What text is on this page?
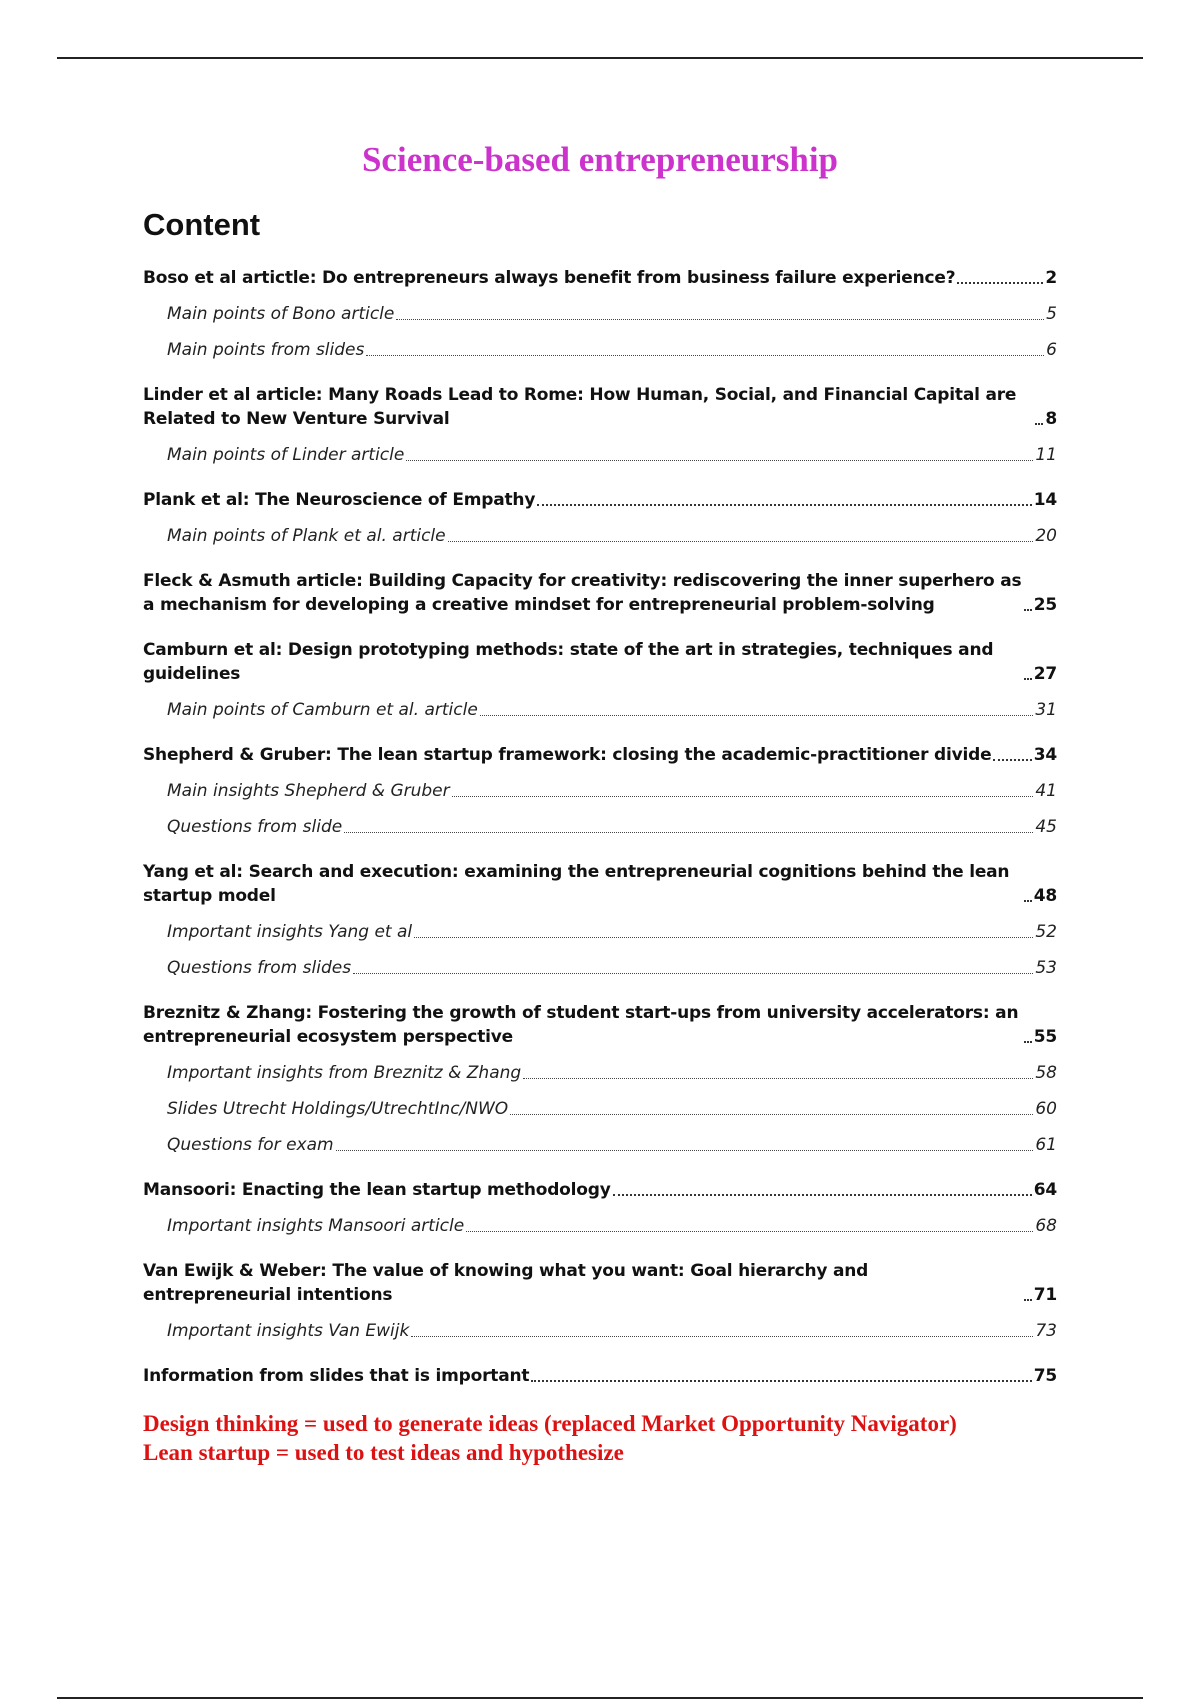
Science-based entrepreneurship
Content
Boso et al artictle: Do entrepreneurs always benefit from business failure experience?	2
Main points of Bono article	5
Main points from slides	6
Linder et al article: Many Roads Lead to Rome: How Human, Social, and Financial Capital are Related to New Venture Survival	8
Main points of Linder article	11
Plank et al: The Neuroscience of Empathy	14
Main points of Plank et al. article	20
Fleck & Asmuth article: Building Capacity for creativity: rediscovering the inner superhero as a mechanism for developing a creative mindset for entrepreneurial problem-solving	25
Camburn et al: Design prototyping methods: state of the art in strategies, techniques and guidelines	27
Main points of Camburn et al. article	31
Shepherd & Gruber: The lean startup framework: closing the academic-practitioner divide 34
Main insights Shepherd & Gruber	41
Questions from slide	45
Yang et al: Search and execution: examining the entrepreneurial cognitions behind the lean startup model	48
Important insights Yang et al	52
Questions from slides	53
Breznitz & Zhang: Fostering the growth of student start-ups from university accelerators: an entrepreneurial ecosystem perspective	55
Important insights from Breznitz & Zhang	58
Slides Utrecht Holdings/UtrechtInc/NWO	60
Questions for exam	61
Mansoori: Enacting the lean startup methodology	64
Important insights Mansoori article	68
Van Ewijk & Weber: The value of knowing what you want: Goal hierarchy and entrepreneurial intentions	71
Important insights Van Ewijk	73
Information from slides that is important	75
Design thinking = used to generate ideas (replaced Market Opportunity Navigator)
Lean startup = used to test ideas and hypothesize
